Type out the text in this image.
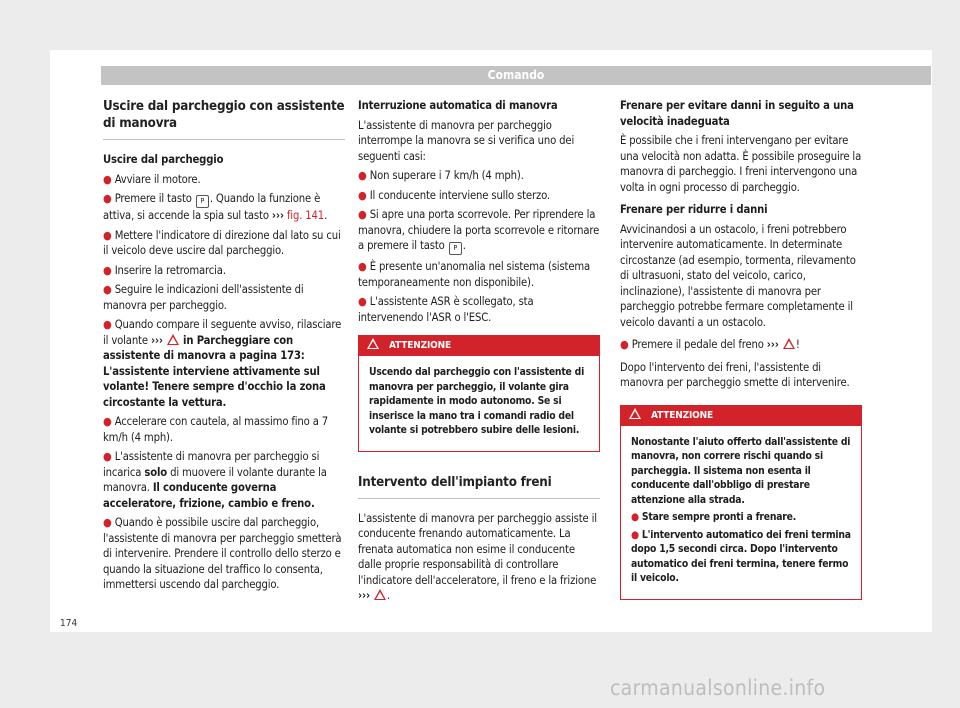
Comando
Uscire dal parcheggio con assistente di manovra

Uscire dal parcheggio

● Avviare il motore.

● Premere il tasto P . Quando la funzione è attiva, si accende la spia sul tasto ››› fig. 141.

● Mettere l'indicatore di direzione dal lato su cui il veicolo deve uscire dal parcheggio.

● Inserire la retromarcia.

● Seguire le indicazioni dell'assistente di manovra per parcheggio.

● Quando compare il seguente avviso, rilasciare il volante ››› in Parcheggiare con assistente di manovra a pagina 173: L'assistente interviene attivamente sul volante! Tenere sempre d'occhio la zona circostante la vettura.

● Accelerare con cautela, al massimo fino a 7 km/h (4 mph).

● L'assistente di manovra per parcheggio si incarica solo di muovere il volante durante la manovra. Il conducente governa acceleratore, frizione, cambio e freno.

● Quando è possibile uscire dal parcheggio, l'assistente di manovra per parcheggio smetterà di intervenire. Prendere il controllo dello sterzo e quando la situazione del traffico lo consenta, immettersi uscendo dal parcheggio.

Interruzione automatica di manovra

L'assistente di manovra per parcheggio interrompe la manovra se si verifica uno dei seguenti casi:

● Non superare i 7 km/h (4 mph).

● Il conducente interviene sullo sterzo.

● Si apre una porta scorrevole. Per riprendere la manovra, chiudere la porta scorrevole e ritornare a premere il tasto P .

● È presente un'anomalia nel sistema (sistema temporaneamente non disponibile).

● L'assistente ASR è scollegato, sta intervenendo l'ASR o l'ESC.

ATTENZIONE

Uscendo dal parcheggio con l'assistente di manovra per parcheggio, il volante gira rapidamente in modo autonomo. Se si inserisce la mano tra i comandi radio del volante si potrebbero subire delle lesioni.

Intervento dell'impianto freni

L'assistente di manovra per parcheggio assiste il conducente frenando automaticamente. La frenata automatica non esime il conducente dalle proprie responsabilità di controllare l'indicatore dell'acceleratore, il freno e la frizione ››› .

Frenare per evitare danni in seguito a una velocità inadeguata

È possibile che i freni intervengano per evitare una velocità non adatta. È possibile proseguire la manovra di parcheggio. I freni intervengono una volta in ogni processo di parcheggio.

Frenare per ridurre i danni

Avvicinandosi a un ostacolo, i freni potrebbero intervenire automaticamente. In determinate circostanze (ad esempio, tormenta, rilevamento di ultrasuoni, stato del veicolo, carico, inclinazione), l'assistente di manovra per parcheggio potrebbe fermare completamente il veicolo davanti a un ostacolo.

● Premere il pedale del freno ››› !

Dopo l'intervento dei freni, l'assistente di manovra per parcheggio smette di intervenire.

ATTENZIONE

Nonostante l'aiuto offerto dall'assistente di manovra, non correre rischi quando si parcheggia. Il sistema non esenta il conducente dall'obbligo di prestare attenzione alla strada.

● Stare sempre pronti a frenare.

● L'intervento automatico dei freni termina dopo 1,5 secondi circa. Dopo l'intervento automatico dei freni termina, tenere fermo il veicolo.

174
carmanualsonline.info
